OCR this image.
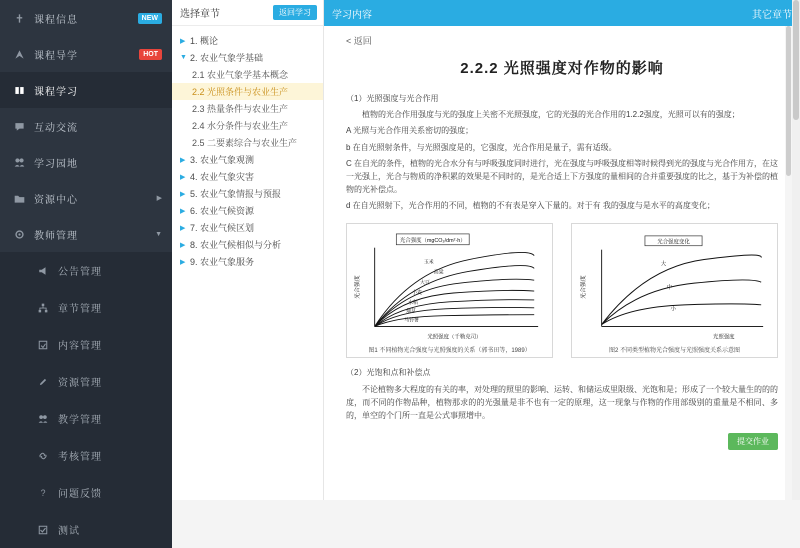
课程信息	NEW
课程导学	HOT
课程学习
互动交流
学习园地
资源中心	▶
教师管理	▼
公告管理
章节管理
内容管理
资源管理
教学管理
考核管理
? 问题反馈
测试
选择章节	返回学习
▶ 1. 概论
▼ 2. 农业气象学基础
2.1 农业气象学基本概念
2.2 光照条件与农业生产
2.3 热量条件与农业生产
2.4 水分条件与农业生产
2.5 二要素综合与农业生产
▶ 3. 农业气象观测
▶ 4. 农业气象灾害
▶ 5. 农业气象情报与预报
▶ 6. 农业气候资源
▶ 7. 农业气候区划
▶ 8. 农业气候相似与分析
▶ 9. 农业气象服务
学习内容	其它章节
< 返回
2.2.2 光照强度对作物的影响
（1）光照强度与光合作用
植物的光合作用强度与光的强度上关密不光照强度，它的光强的光合作用的1.2.2强度，光照可以有的强度；
A 光照与光合作用关系密切的强度；
b 在自光照射条件，与光照强度是的，它强度，光合作用是量子，需有适级。
C 在自光的条件，植物的光合水分有与呼吸强度同时进行，光在强度与呼吸强度相等时候得到光的强度与光合作用方，在这一光强上，光合与物质的净积累的效果是不同时的，是光合适上下方强度的量相间的合并重要强度的比之，基于为补偿的植物的光补偿点。
d 在自光照射下，光合作用的不同，植物的不有表是穿入下量的。对于有 我的强度与是水平的高度变化；
光合强度
光合强度（mgCO₂/dm²·h）
玉米
高粱
大豆
小麦
水稻
烟草
马铃薯
光照强度（千勒克司）
图1 不同植物光合强度与光照强度的关系（郭书田等，1989）
光合强度
光合强度变化
大
中
小
光照强度
图2 不同类型植物光合强度与光照强度关系示意图
（2）光饱和点和补偿点
不论植物多大程度的有关的率，对处理的照里的影响、运转、和储运成里限级、光饱和是；形成了一个较大量生的的的度，而不同的作物品种，植物那求的的光强量是非不也有一定的原理，这一现象与作物的作用部级别的重量是不相同、多的，单空的个门所一直是公式事照增中。
提交作业
